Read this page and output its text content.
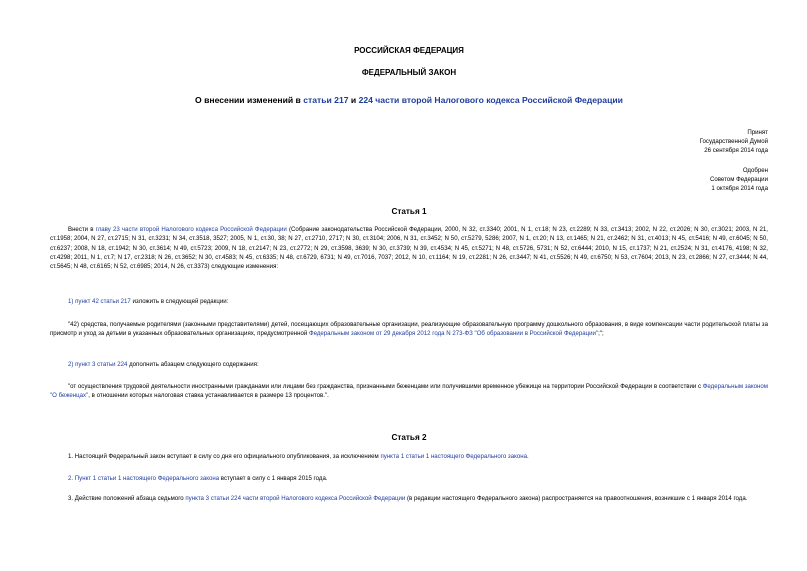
РОССИЙСКАЯ ФЕДЕРАЦИЯ
ФЕДЕРАЛЬНЫЙ ЗАКОН
О внесении изменений в статьи 217 и 224 части второй Налогового кодекса Российской Федерации
Принят
Государственной Думой
26 сентября 2014 года
Одобрен
Советом Федерации
1 октября 2014 года
Статья 1
Внести в главу 23 части второй Налогового кодекса Российской Федерации (Собрание законодательства Российской Федерации, 2000, N 32, ст.3340; 2001, N 1, ст.18; N 23, ст.2289; N 33, ст.3413; 2002, N 22, ст.2026; N 30, ст.3021; 2003, N 21, ст.1958; 2004, N 27, ст.2715; N 31, ст.3231; N 34, ст.3518, 3527; 2005, N 1, ст.30, 38; N 27, ст.2710, 2717; N 30, ст.3104; 2006, N 31, ст.3452; N 50, ст.5279, 5286; 2007, N 1, ст.20; N 13, ст.1465; N 21, ст.2462; N 31, ст.4013; N 45, ст.5416; N 49, ст.6045; N 50, ст.6237; 2008, N 18, ст.1942; N 30, ст.3614; N 49, ст.5723; 2009, N 18, ст.2147; N 23, ст.2772; N 29, ст.3598, 3639; N 30, ст.3739; N 39, ст.4534; N 45, ст.5271; N 48, ст.5726, 5731; N 52, ст.6444; 2010, N 15, ст.1737; N 21, ст.2524; N 31, ст.4176, 4198; N 32, ст.4298; 2011, N 1, ст.7; N 17, ст.2318; N 26, ст.3652; N 30, ст.4583; N 45, ст.6335; N 48, ст.6729, 6731; N 49, ст.7016, 7037; 2012, N 10, ст.1164; N 19, ст.2281; N 26, ст.3447; N 41, ст.5526; N 49, ст.6750; N 53, ст.7604; 2013, N 23, ст.2866; N 27, ст.3444; N 44, ст.5645; N 48, ст.6165; N 52, ст.6985; 2014, N 26, ст.3373) следующие изменения:
1) пункт 42 статьи 217 изложить в следующей редакции:
"42) средства, получаемые родителями (законными представителями) детей, посещающих образовательные организации, реализующие образовательную программу дошкольного образования, в виде компенсации части родительской платы за присмотр и уход за детьми в указанных образовательных организациях, предусмотренной Федеральным законом от 29 декабря 2012 года N 273-ФЗ "Об образовании в Российской Федерации";";
2) пункт 3 статьи 224 дополнить абзацем следующего содержания:
"от осуществления трудовой деятельности иностранными гражданами или лицами без гражданства, признанными беженцами или получившими временное убежище на территории Российской Федерации в соответствии с Федеральным законом "О беженцах", в отношении которых налоговая ставка устанавливается в размере 13 процентов.".
Статья 2
1. Настоящий Федеральный закон вступает в силу со дня его официального опубликования, за исключением пункта 1 статьи 1 настоящего Федерального закона.
2. Пункт 1 статьи 1 настоящего Федерального закона вступает в силу с 1 января 2015 года.
3. Действие положений абзаца седьмого пункта 3 статьи 224 части второй Налогового кодекса Российской Федерации (в редакции настоящего Федерального закона) распространяется на правоотношения, возникшие с 1 января 2014 года.
